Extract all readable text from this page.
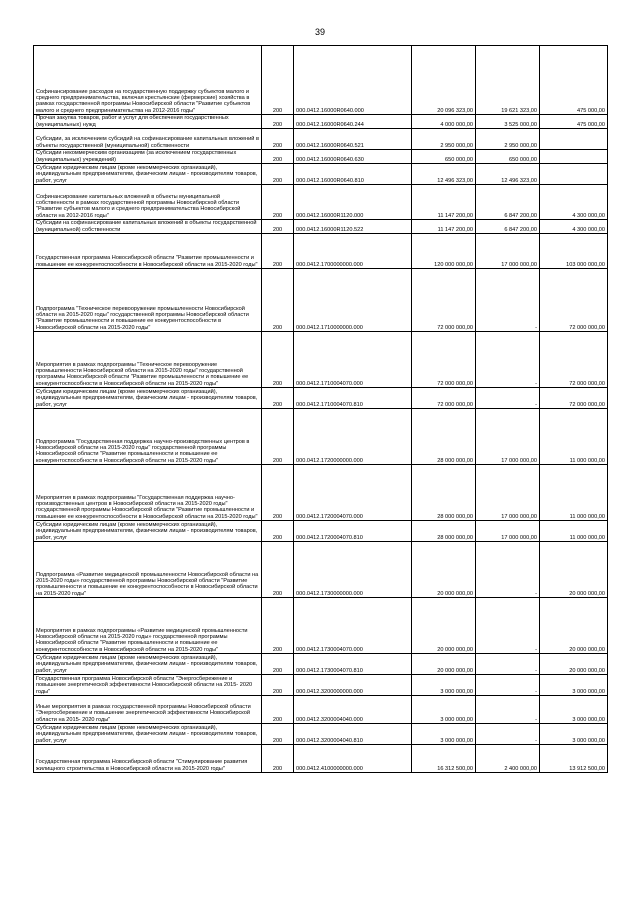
39
Софинансирование расходов на государственную поддержку субъектов малого и среднего предпринимательства, включая крестьянские (фермерские) хозяйства в рамках государственной программы Новосибирской области "Развитие субъектов малого и среднего предпринимательства на 2012-2016 годы"	200	000.0412.16000R0640.000	20 096 323,00	19 621 323,00	475 000,00
Прочая закупка товаров, работ и услуг для обеспечения государственных (муниципальных) нужд	200	000.0412.16000R0640.244	4 000 000,00	3 525 000,00	475 000,00
Субсидии, за исключением субсидий на софинансирование капитальных вложений в объекты государственной (муниципальной) собственности	200	000.0412.16000R0640.521	2 950 000,00	2 950 000,00	
Субсидии некоммерческим организациям (за исключением государственных (муниципальных) учреждений)	200	000.0412.16000R0640.630	650 000,00	650 000,00	
Субсидии юридическим лицам (кроме некоммерческих организаций), индивидуальным предпринимателям, физическим лицам - производителям товаров, работ, услуг	200	000.0412.16000R0640.810	12 496 323,00	12 496 323,00	
Софинансирование капитальных вложений в объекты муниципальной собственности в рамках государственной программы Новосибирской области "Развитие субъектов малого и среднего предпринимательства Новосибирской области на 2012-2016 годы"	200	000.0412.16000R1120.000	11 147 200,00	6 847 200,00	4 300 000,00
Субсидии на софинансирование капитальных вложений в объекты государственной (муниципальной) собственности	200	000.0412.16000R1120.522	11 147 200,00	6 847 200,00	4 300 000,00
Государственная программа Новосибирской области "Развитие промышленности и повышение ее конкурентоспособности в Новосибирской области на 2015-2020 годы"	200	000.0412.1700000000.000	120 000 000,00	17 000 000,00	103 000 000,00
Подпрограмма "Техническое перевооружение промышленности Новосибирской области на 2015-2020 годы" государственной программы Новосибирской области "Развитие промышленности и повышение ее конкурентоспособности в Новосибирской области на 2015-2020 годы"	200	000.0412.1710000000.000	72 000 000,00	-	72 000 000,00
Мероприятия в рамках подпрограммы "Техническое перевооружение промышленности Новосибирской области на 2015-2020 годы" государственной программы Новосибирской области "Развитие промышленности и повышение ее конкурентоспособности в Новосибирской области на 2015-2020 годы"	200	000.0412.1710004070.000	72 000 000,00	-	72 000 000,00
Субсидии юридическим лицам (кроме некоммерческих организаций), индивидуальным предпринимателям, физическим лицам - производителям товаров, работ, услуг	200	000.0412.1710004070.810	72 000 000,00	-	72 000 000,00
Подпрограмма "Государственная поддержка научно-производственных центров в Новосибирской области на 2015-2020 годы" государственной программы Новосибирской области "Развитие промышленности и повышение ее конкурентоспособности в Новосибирской области на 2015-2020 годы"	200	000.0412.1720000000.000	28 000 000,00	17 000 000,00	11 000 000,00
Мероприятия в рамках подпрограммы "Государственная поддержка научно-производственных центров в Новосибирской области на 2015-2020 годы" государственной программы Новосибирской области "Развитие промышленности и повышение ее конкурентоспособности в Новосибирской области на 2015-2020 годы"	200	000.0412.1720004070.000	28 000 000,00	17 000 000,00	11 000 000,00
Субсидии юридическим лицам (кроме некоммерческих организаций), индивидуальным предпринимателям, физическим лицам - производителям товаров, работ, услуг	200	000.0412.1720004070.810	28 000 000,00	17 000 000,00	11 000 000,00
Подпрограмма «Развитие медицинской промышленности Новосибирской области на 2015-2020 годы» государственной программы Новосибирской области "Развитие промышленности и повышение ее конкурентоспособности в Новосибирской области на 2015-2020 годы"	200	000.0412.1730000000.000	20 000 000,00	-	20 000 000,00
Мероприятия в рамках подпрограммы «Развитие медицинской промышленности Новосибирской области на 2015-2020 годы» государственной программы Новосибирской области "Развитие промышленности и повышение ее конкурентоспособности в Новосибирской области на 2015-2020 годы"	200	000.0412.1730004070.000	20 000 000,00	-	20 000 000,00
Субсидии юридическим лицам (кроме некоммерческих организаций), индивидуальным предпринимателям, физическим лицам - производителям товаров, работ, услуг	200	000.0412.1730004070.810	20 000 000,00	-	20 000 000,00
Государственная программа Новосибирской области "Энергосбережение и повышение энергетической эффективности Новосибирской области на 2015- 2020 годы"	200	000.0412.3200000000.000	3 000 000,00	-	3 000 000,00
Иные мероприятия в рамках государственной программы Новосибирской области "Энергосбережение и повышение энергетической эффективности Новосибирской области на 2015- 2020 годы"	200	000.0412.3200004040.000	3 000 000,00	-	3 000 000,00
Субсидии юридическим лицам (кроме некоммерческих организаций), индивидуальным предпринимателям, физическим лицам - производителям товаров, работ, услуг	200	000.0412.3200004040.810	3 000 000,00	-	3 000 000,00
Государственная программа Новосибирской области "Стимулирование развития жилищного строительства в Новосибирской области на 2015-2020 годы"	200	000.0412.4100000000.000	16 312 500,00	2 400 000,00	13 912 500,00
